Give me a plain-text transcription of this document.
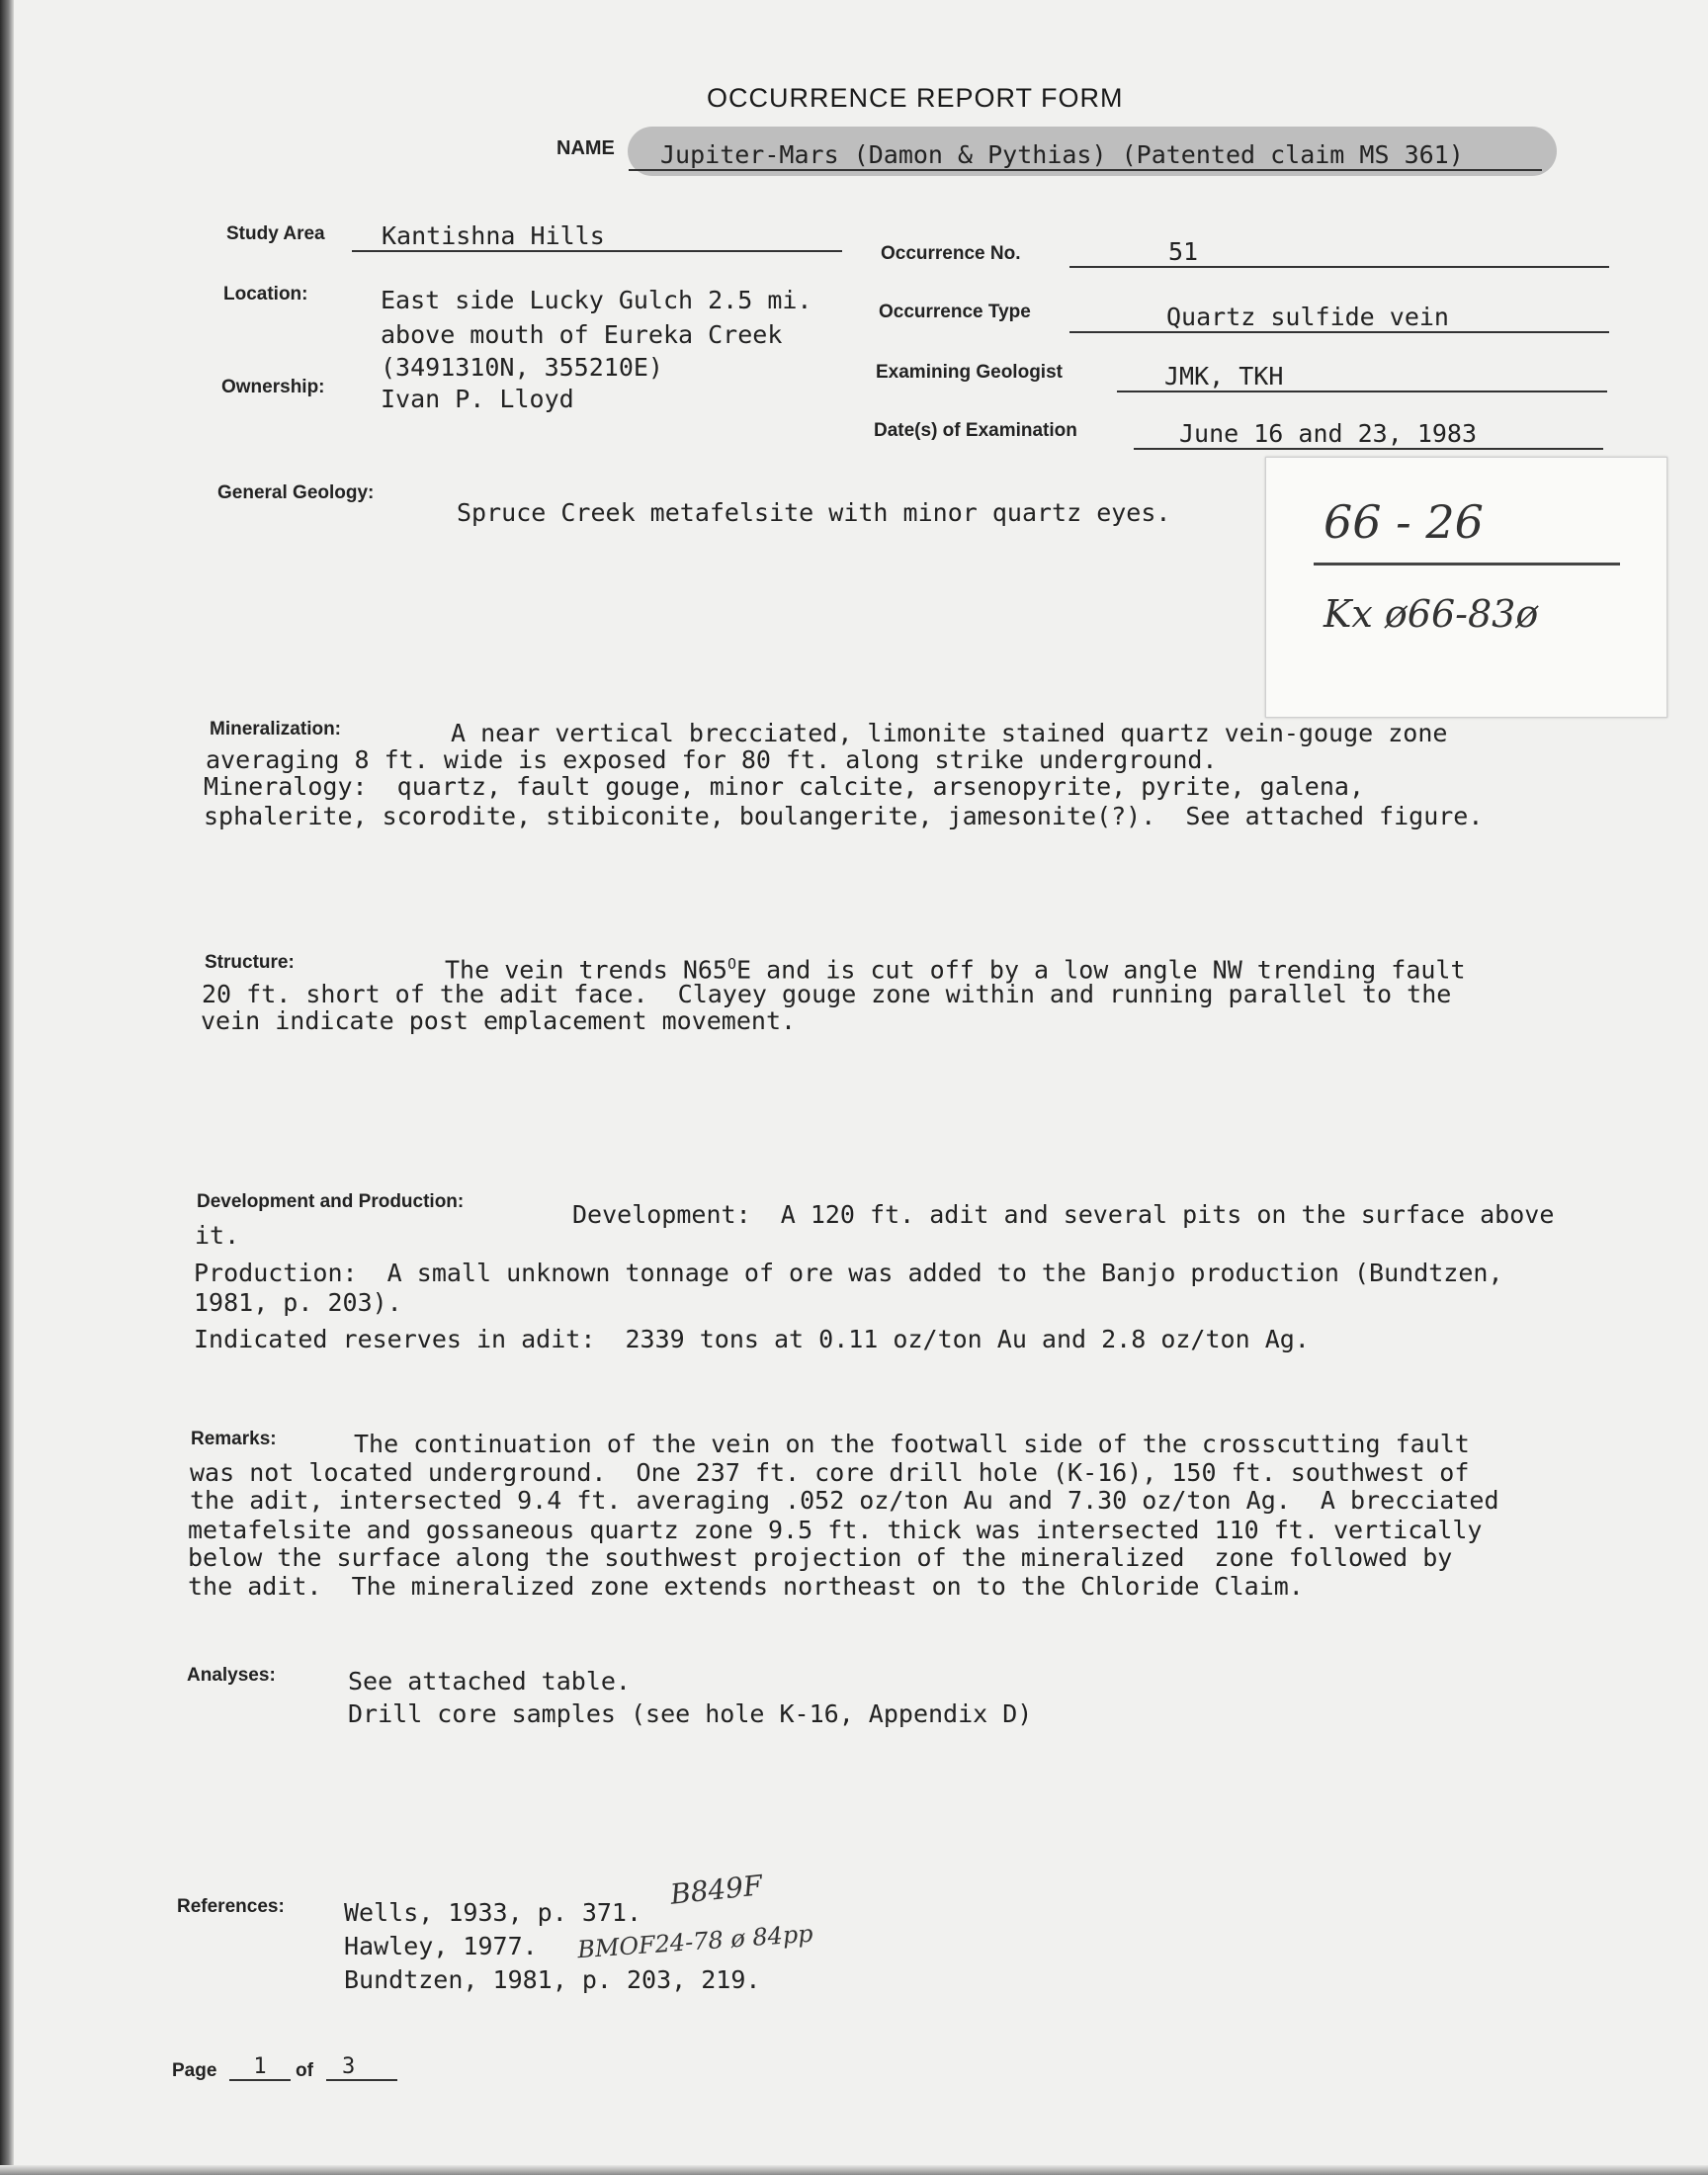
OCCURRENCE REPORT FORM
NAME	Jupiter-Mars (Damon & Pythias) (Patented claim MS 361)
Study Area	Kantishna Hills
Occurrence No.	51
Location:	East side Lucky Gulch 2.5 mi.
above mouth of Eureka Creek
(3491310N, 355210E)
Occurrence Type	Quartz sulfide vein
Examining Geologist	JMK, TKH
Ownership: Ivan P. Lloyd
Date(s) of Examination	June 16 and 23, 1983
General Geology:
Spruce Creek metafelsite with minor quartz eyes.	66 - 26
Kx ø66-83ø
Mineralization:	A near vertical brecciated, limonite stained quartz vein-gouge zone
averaging 8 ft. wide is exposed for 80 ft. along strike underground.
Mineralogy:  quartz, fault gouge, minor calcite, arsenopyrite, pyrite, galena,
sphalerite, scorodite, stibiconite, boulangerite, jamesonite(?).  See attached figure.
Structure:	The vein trends $N65^OE$ and is cut off by a low angle NW trending fault
20 ft. short of the adit face.  Clayey gouge zone within and running parallel to the
vein indicate post emplacement movement.
Development and Production:	Development:  A 120 ft. adit and several pits on the surface above
it.
Production:  A small unknown tonnage of ore was added to the Banjo production (Bundtzen,
1981, p. 203).
Indicated reserves in adit:  2339 tons at 0.11 oz/ton Au and 2.8 oz/ton Ag.
Remarks:	The continuation of the vein on the footwall side of the crosscutting fault
was not located underground.  One 237 ft. core drill hole (K-16), 150 ft. southwest of
the adit, intersected 9.4 ft. averaging .052 oz/ton Au and 7.30 oz/ton Ag.  A brecciated
metafelsite and gossaneous quartz zone 9.5 ft. thick was intersected 110 ft. vertically
below the surface along the southwest projection of the mineralized  zone followed by
the adit.  The mineralized zone extends northeast on to the Chloride Claim.
Analyses:	See attached table.
Drill core samples (see hole K-16, Appendix D)
References: Wells, 1933, p. 371.
B849F
Hawley, 1977. BMOF24-78 ø 84pp
Bundtzen, 1981, p. 203, 219.
Page	1	of	3
